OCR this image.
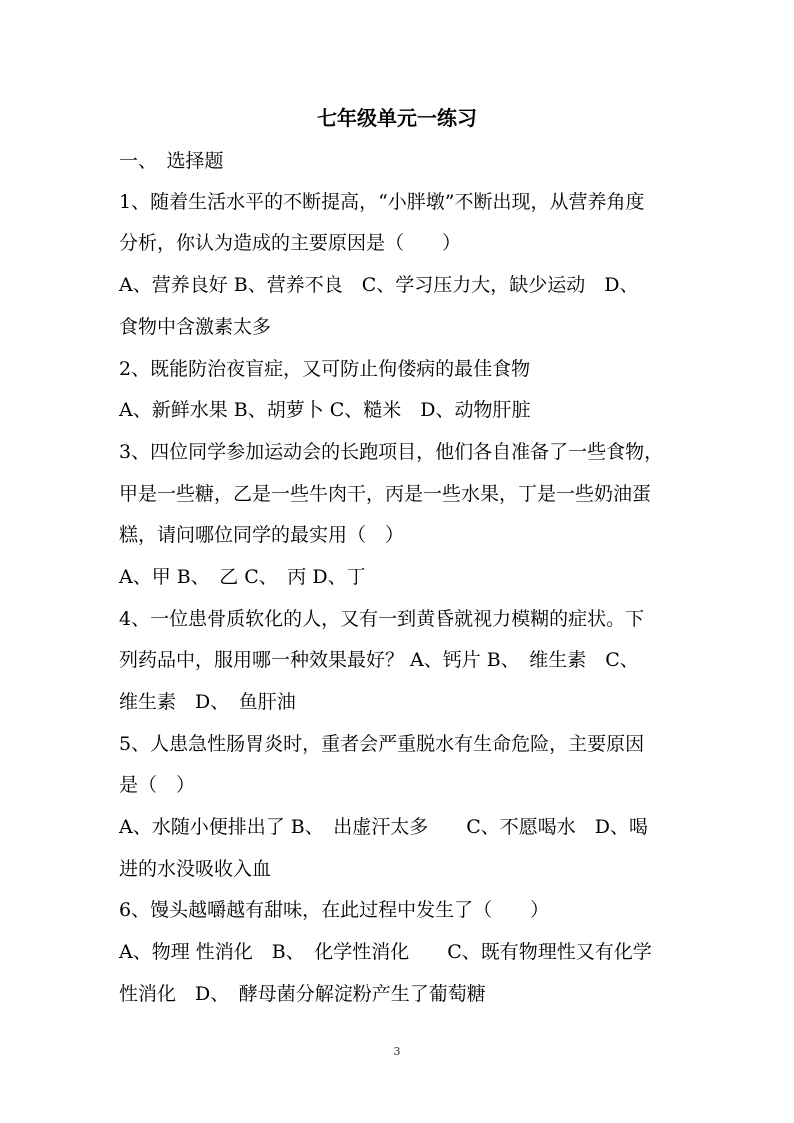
七年级单元一练习
一、　选择题
1、随着生活水平的不断提高，“小胖墩”不断出现，从营养角度
分析，你认为造成的主要原因是（　　）
A、营养良好 B、营养不良　C、学习压力大，缺少运动　D、
食物中含激素太多
2、既能防治夜盲症，又可防止佝偻病的最佳食物
A、新鲜水果 B、胡萝卜 C、糙米　D、动物肝脏
3、四位同学参加运动会的长跑项目，他们各自准备了一些食物，
甲是一些糖，乙是一些牛肉干，丙是一些水果，丁是一些奶油蛋
糕，请问哪位同学的最实用（　）
A、甲 B、　乙 C、　丙 D、丁
4、一位患骨质软化的人，又有一到黄昏就视力模糊的症状。下
列药品中，服用哪一种效果最好？ A、钙片 B、　维生素　C、
维生素　D、　鱼肝油
5、人患急性肠胃炎时，重者会严重脱水有生命危险，主要原因
是（　）
A、水随小便排出了 B、　出虚汗太多　　C、不愿喝水　D、喝
进的水没吸收入血
6、馒头越嚼越有甜味，在此过程中发生了（　　）
A、物理 性消化　B、　化学性消化　　C、既有物理性又有化学
性消化　D、　酵母菌分解淀粉产生了葡萄糖
3
